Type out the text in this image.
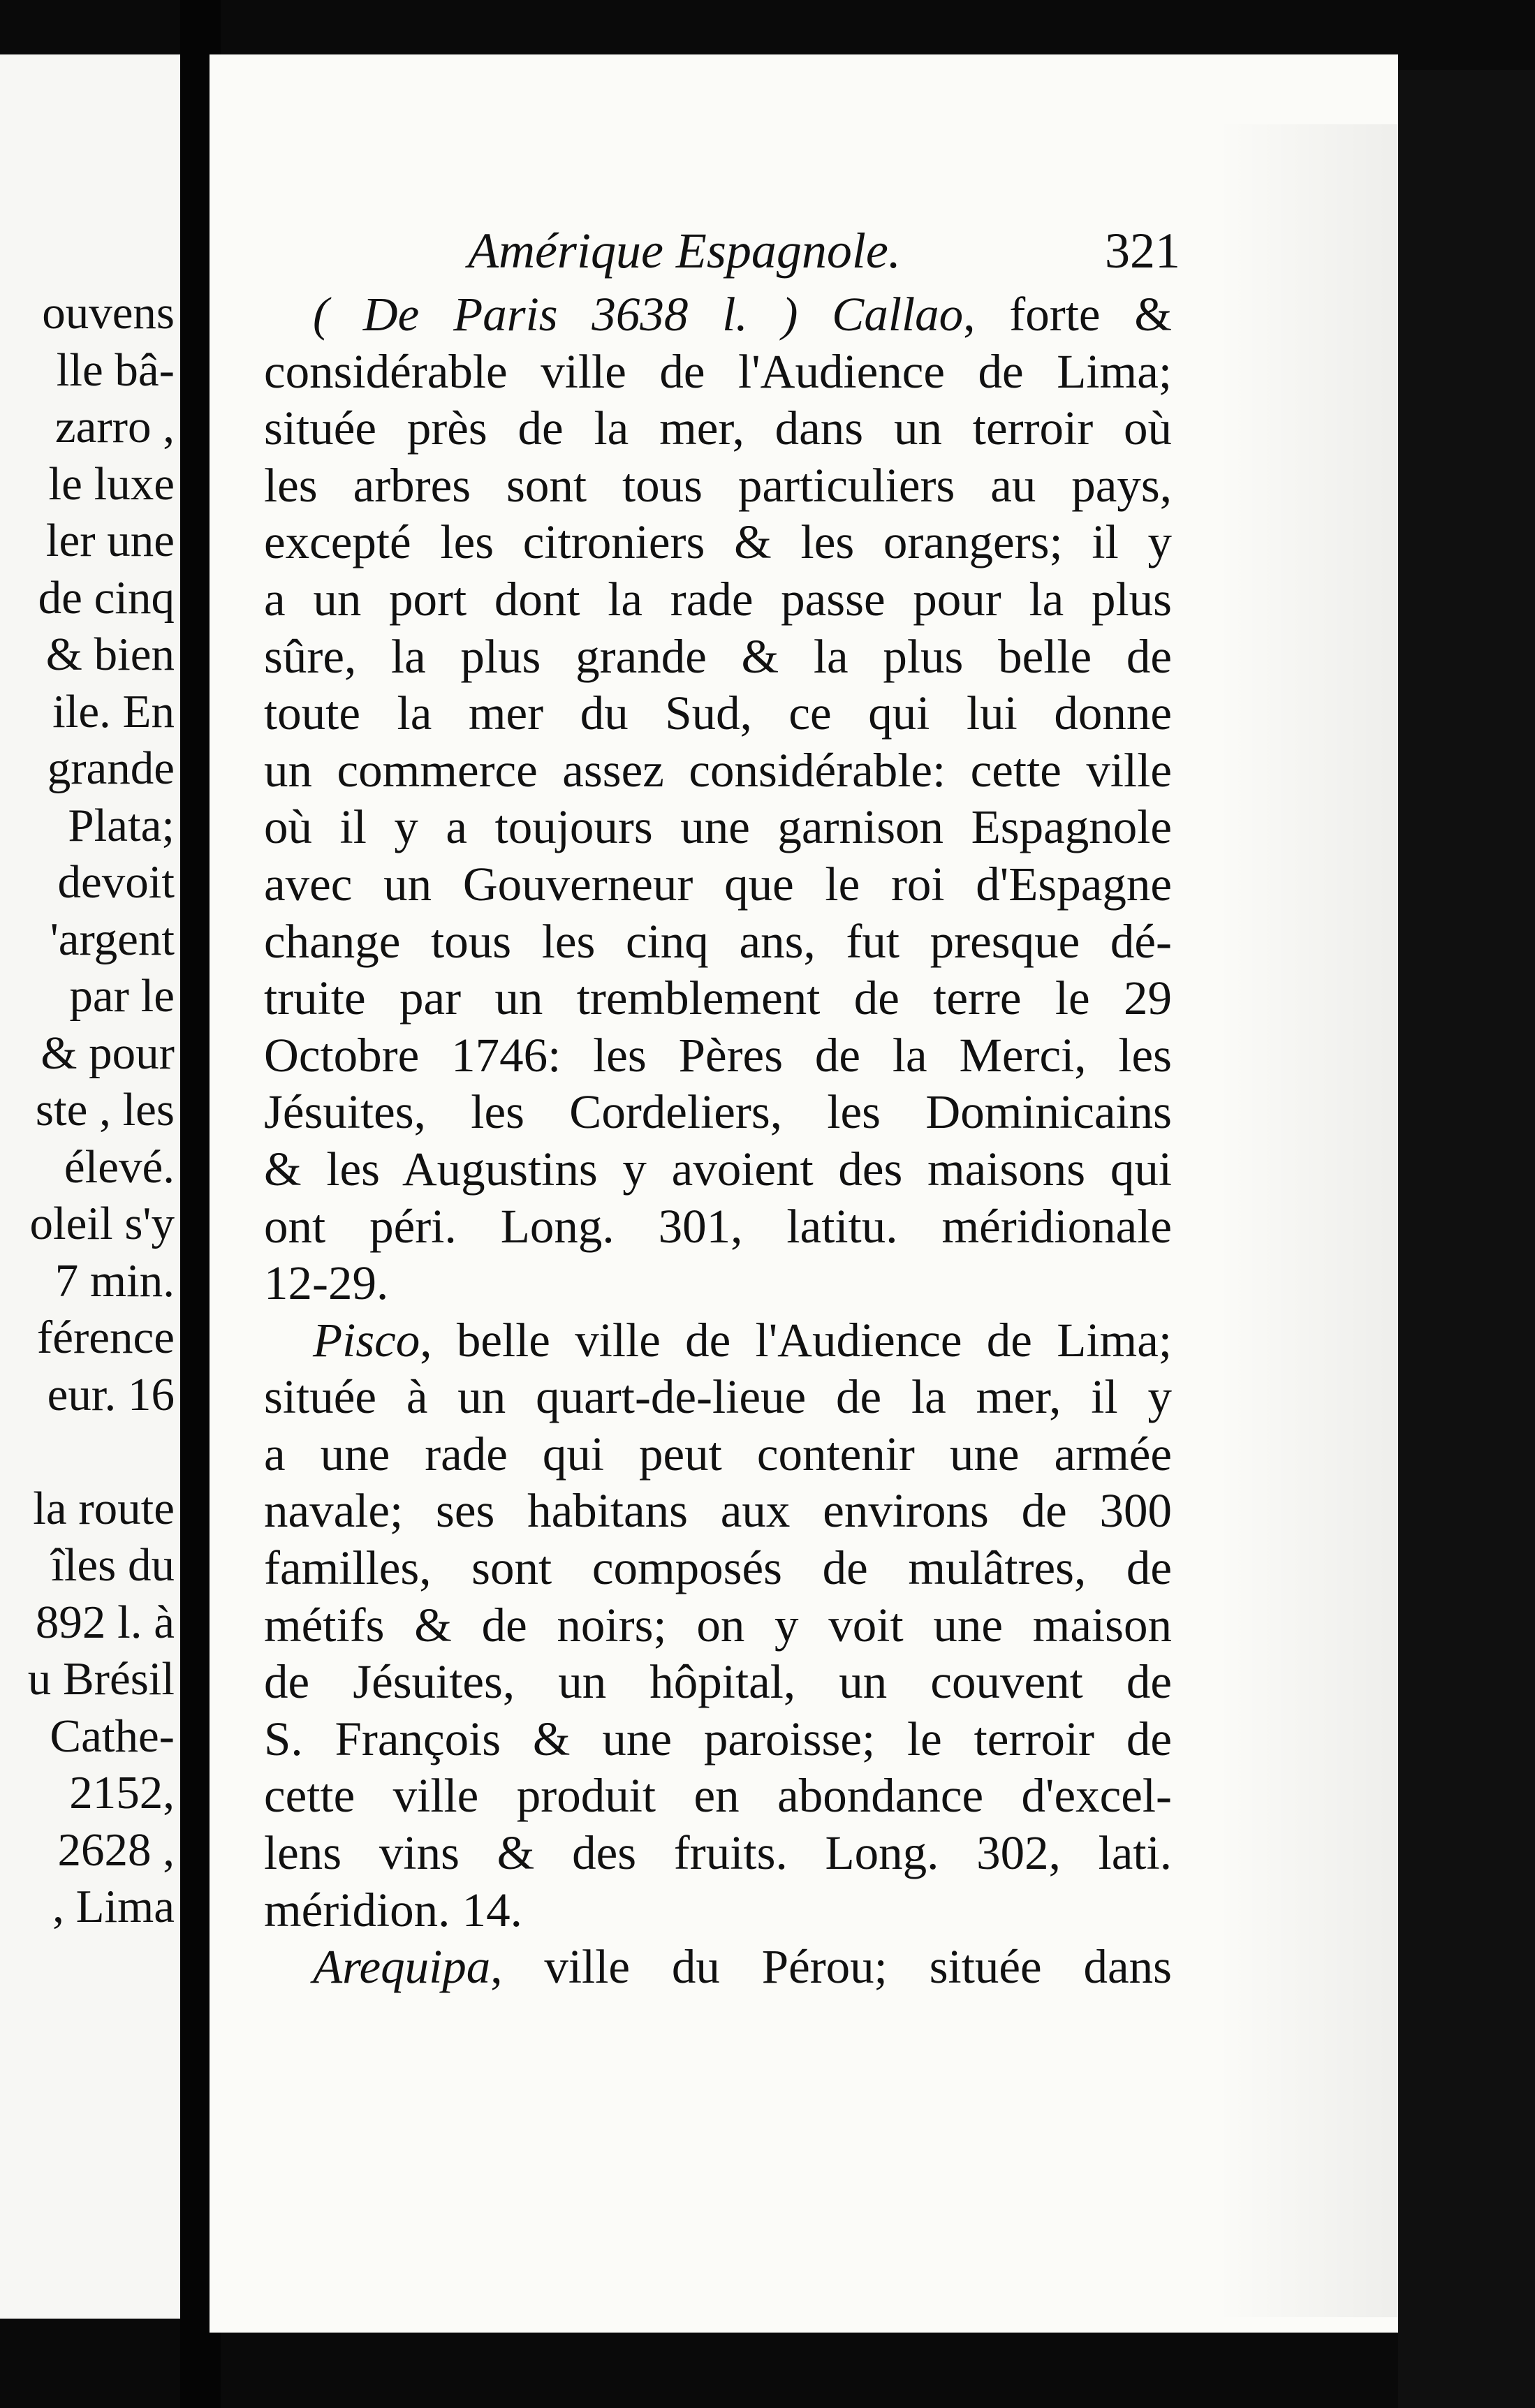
ouvens
lle bâ-
zarro ,
le luxe
ler une
de cinq
& bien
ile. En
grande
Plata;
devoit
'argent
par le
& pour
ste , les
élevé.
oleil s'y
7 min.
férence
eur. 16
la route
îles du
892 l. à
u Brésil
Cathe-
2152,
2628 ,
, Lima
Amérique Espagnole.	321
( De Paris 3638 l. ) Callao, forte &
considérable ville de l'Audience de Lima;
située près de la mer, dans un terroir où
les arbres sont tous particuliers au pays,
excepté les citroniers & les orangers; il y
a un port dont la rade passe pour la plus
sûre, la plus grande & la plus belle de
toute la mer du Sud, ce qui lui donne
un commerce assez considérable: cette ville
où il y a toujours une garnison Espagnole
avec un Gouverneur que le roi d'Espagne
change tous les cinq ans, fut presque dé-
truite par un tremblement de terre le 29
Octobre 1746: les Pères de la Merci, les
Jésuites, les Cordeliers, les Dominicains
& les Augustins y avoient des maisons qui
ont péri. Long. 301, latitu. méridionale
12-29.
Pisco, belle ville de l'Audience de Lima;
située à un quart-de-lieue de la mer, il y
a une rade qui peut contenir une armée
navale; ses habitans aux environs de 300
familles, sont composés de mulâtres, de
métifs & de noirs; on y voit une maison
de Jésuites, un hôpital, un couvent de
S. François & une paroisse; le terroir de
cette ville produit en abondance d'excel-
lens vins & des fruits. Long. 302, lati.
méridion. 14.
Arequipa, ville du Pérou; située dans
